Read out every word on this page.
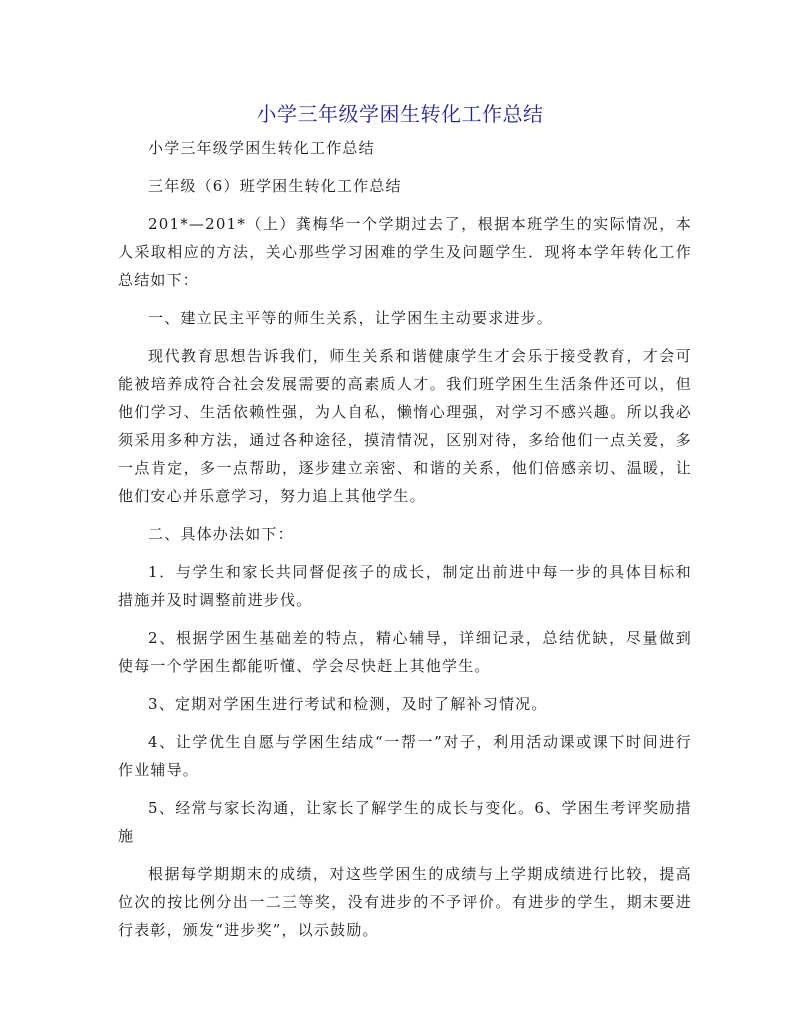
小学三年级学困生转化工作总结

小学三年级学困生转化工作总结

三年级（6）班学困生转化工作总结

201*—201*（上）龚梅华一个学期过去了，根据本班学生的实际情况，本人采取相应的方法，关心那些学习困难的学生及问题学生．现将本学年转化工作总结如下：

一、建立民主平等的师生关系，让学困生主动要求进步。

现代教育思想告诉我们，师生关系和谐健康学生才会乐于接受教育，才会可能被培养成符合社会发展需要的高素质人才。我们班学困生生活条件还可以，但他们学习、生活依赖性强，为人自私，懒惰心理强，对学习不感兴趣。所以我必须采用多种方法，通过各种途径，摸清情况，区别对待，多给他们一点关爱，多一点肯定，多一点帮助，逐步建立亲密、和谐的关系，他们倍感亲切、温暖，让他们安心并乐意学习，努力追上其他学生。

二、具体办法如下：

1．与学生和家长共同督促孩子的成长，制定出前进中每一步的具体目标和措施并及时调整前进步伐。

2、根据学困生基础差的特点，精心辅导，详细记录，总结优缺，尽量做到使每一个学困生都能听懂、学会尽快赶上其他学生。

3、定期对学困生进行考试和检测，及时了解补习情况。

4、让学优生自愿与学困生结成“一帮一”对子，利用活动课或课下时间进行作业辅导。

5、经常与家长沟通，让家长了解学生的成长与变化。6、学困生考评奖励措施

根据每学期期末的成绩，对这些学困生的成绩与上学期成绩进行比较，提高位次的按比例分出一二三等奖，没有进步的不予评价。有进步的学生，期末要进行表彰，颁发“进步奖”，以示鼓励。
